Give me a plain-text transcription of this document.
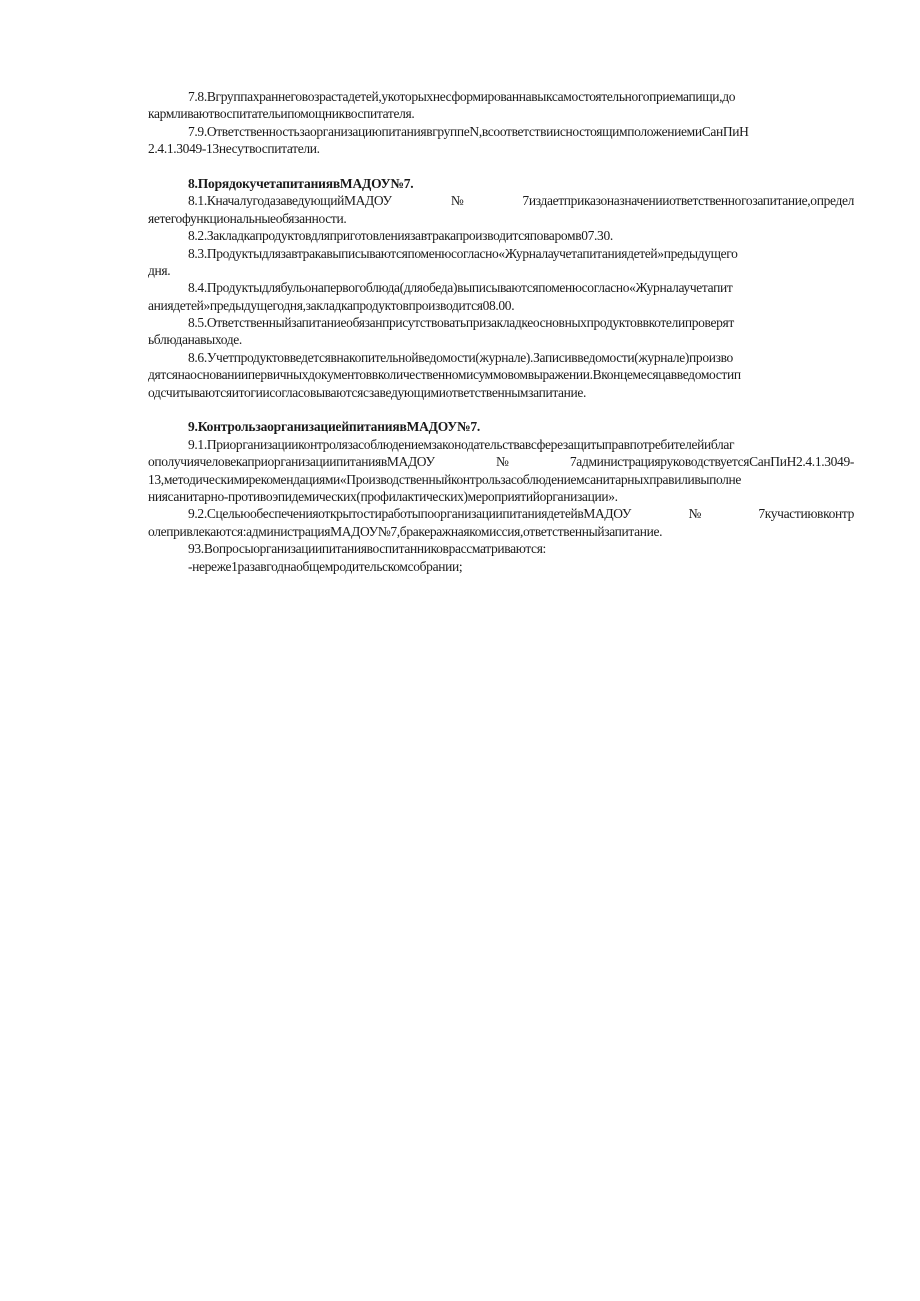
7.8.Вгруппахраннеговозрастадетей,укоторыхнесформированнавыксамостоятельногоприемапищи,до
кармливаютвоспитательипомощниквоспитателя.
7.9.ОтветственностьзаорганизациюпитаниявгруппеN,всоответствиисностоящимположениемиСанПиН
2.4.1.3049-13несутвоспитатели.
8.ПорядокучетапитаниявМАДОУ№7.
8.1.КначалугодазаведующийМАДОУ№7издаетприказоназначенииответственногозапитание,определ
яетегофункциональныеобязанности.
8.2.Закладкапродуктовдляприготовлениязавтракапроизводитсяповаромв07.30.
8.3.Продуктыдлязавтракавыписываютсяпоменюсогласно«Журналаучетапитаниядетей»предыдущего
дня.
8.4.Продуктыдлябульонапервогоблюда(дляобеда)выписываютсяпоменюсогласно«Журналаучетапит
аниядетей»предыдущегодня,закладкапродуктовпроизводится08.00.
8.5.Ответственныйзапитаниеобязанприсутствоватьпризакладкеосновныхпродуктоввкотелипроверят
ьблюданавыходе.
8.6.Учетпродуктовведетсявнакопительнойведомости(журнале).Записивведомости(журнале)произво
дятсянаоснованиипервичныхдокументоввколичественномисуммовомвыражении.Вконцемесяцавведомостип
одсчитываютсяитогиисогласовываютсясзаведующимиответственнымзапитание.
9.КонтрользаорганизациейпитаниявМАДОУ№7.
9.1.Приорганизацииконтролязасоблюдениемзаконодательствавсферезащитыправпотребителейиблаг
ополучиячеловекаприорганизациипитаниявМАДОУ№7администрацияруководствуетсяСанПиН2.4.1.3049-
13,методическимирекомендациями«Производственныйконтрользасоблюдениемсанитарныхправиливыполне
ниясанитарно-противоэпидемических(профилактических)мероприятийорганизации».
9.2.СцельюобеспеченияоткрытостиработыпоорганизациипитаниядетейвМАДОУ№7кучастиювконтр
олепривлекаются:администрацияМАДОУ№7,бракеражнаякомиссия,ответственныйзапитание.
93.Вопросыорганизациипитаниявоспитанниковрассматриваются:
-нереже1разавгоднаобщемродительскомсобрании;
